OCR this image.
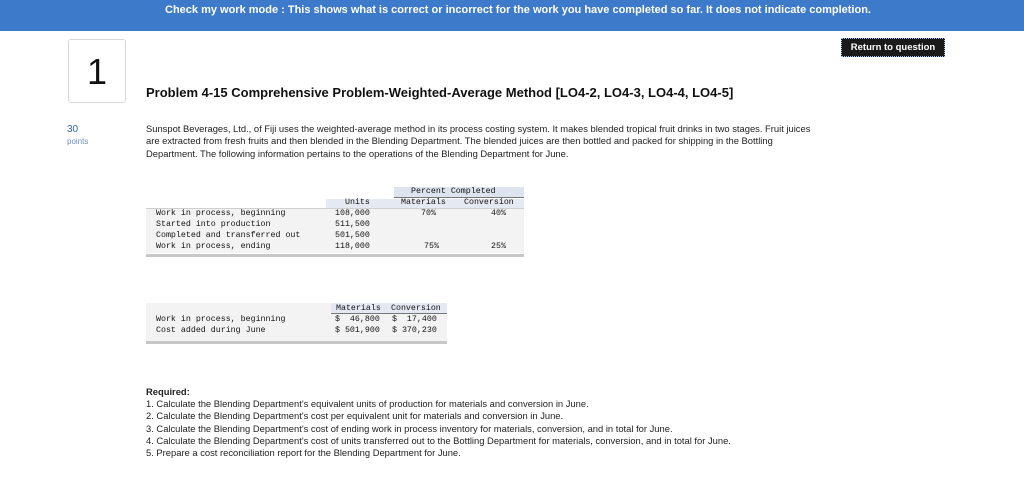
Check my work mode : This shows what is correct or incorrect for the work you have completed so far. It does not indicate completion.
Return to question
1
30
points
Problem 4-15 Comprehensive Problem-Weighted-Average Method [LO4-2, LO4-3, LO4-4, LO4-5]
Sunspot Beverages, Ltd., of Fiji uses the weighted-average method in its process costing system. It makes blended tropical fruit drinks in two stages. Fruit juices are extracted from fresh fruits and then blended in the Blending Department. The blended juices are then bottled and packed for shipping in the Bottling Department. The following information pertains to the operations of the Blending Department for June.
Percent Completed
Units	Materials Conversion
Work in process, beginning	108,000	70%	40%
Started into production	511,500
Completed and transferred out	501,500
Work in process, ending	118,000	75%	25%
Materials Conversion
Work in process, beginning	$  46,800 $  17,400
Cost added during June	$ 501,900 $ 370,230
Required:
1. Calculate the Blending Department's equivalent units of production for materials and conversion in June.
2. Calculate the Blending Department's cost per equivalent unit for materials and conversion in June.
3. Calculate the Blending Department's cost of ending work in process inventory for materials, conversion, and in total for June.
4. Calculate the Blending Department's cost of units transferred out to the Bottling Department for materials, conversion, and in total for June.
5. Prepare a cost reconciliation report for the Blending Department for June.
